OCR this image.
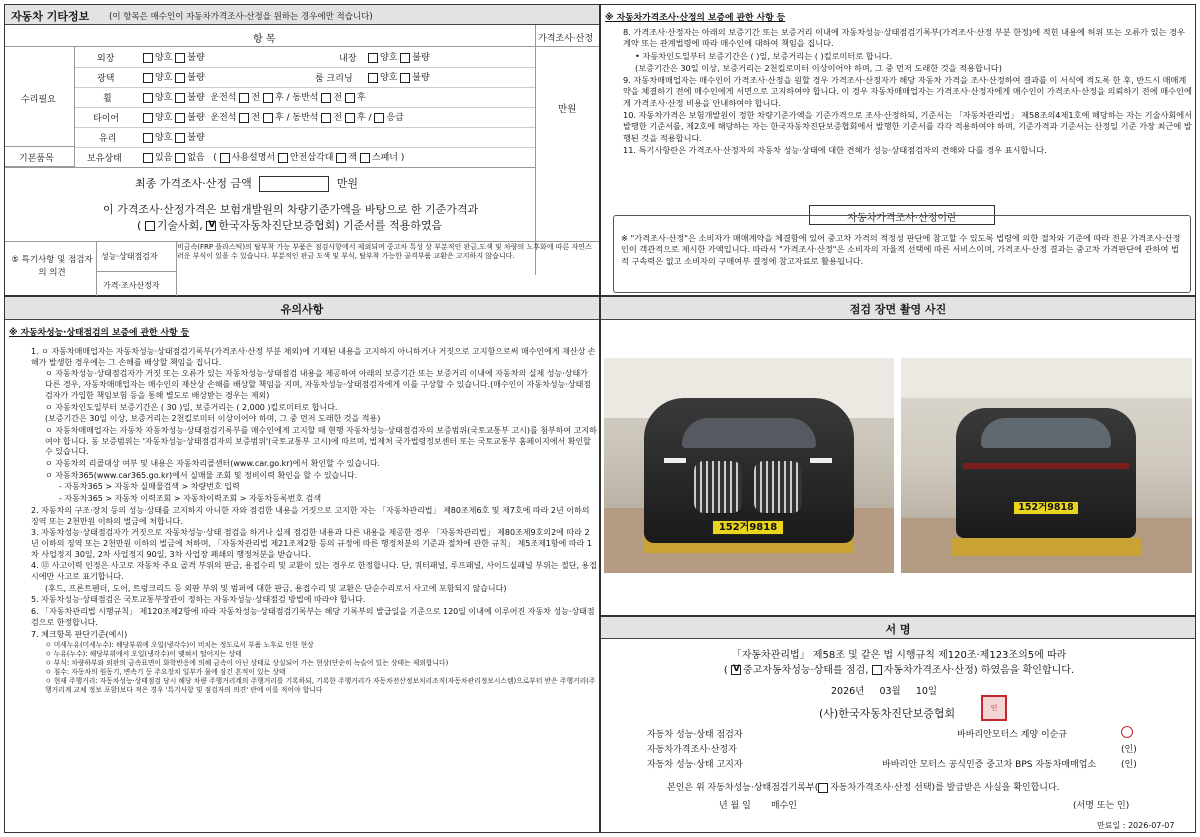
자동차 기타정보 (이 항목은 매수인이 자동차가격조사·산정을 원하는 경우에만 적습니다)
항 목	가격조사·산정
수리필요
기본품목
외장	양호 불량	내장	양호 불량
광택	양호 불량	룸 크리닝	양호 불량
휠	양호 불량 운전석 전 후 / 동반석 전 후
타이어	양호 불량 운전석 전 후 / 동반석 전 후 / 응급
유리	양호 불량
보유상태	있음 없음   ( 사용설명서 안전삼각대 잭 스패너 )
만원
최종 가격조사·산정 금액	만원
이 가격조사·산정가격은 보험개발원의 차량기준가액을 바탕으로 한 기준가격과
( 기술사회, V 한국자동차진단보증협회) 기준서를 적용하였음
⑤ 특기사항 및 점검자의 의견
성능·상태점검자
비금속(FRP 플라스틱)의 탈부착 가능 부품은 점검사항에서 제외되며 중고차 특성 상 부분적인 판금,도색 및 차량의 노후화에 따른 자연스러운 부식이 있을 수 있습니다. 부분적인 판금 도색 및 부식, 탈부착 가능한 골격부품 교환은 고지하지 않습니다.
가격·조사산정자
※ 자동차가격조사·산정의 보증에 관한 사항 등
8. 가격조사·산정자는 아래의 보증기간 또는 보증거리 이내에 자동차성능·상태점검기록부(가격조사·산정 부분 한정)에 적힌 내용에 허위 또는 오류가 있는 경우 계약 또는 관계법령에 따라 매수인에 대하여 책임을 집니다.
• 자동차인도일부터 보증기간은 ( )일, 보증거리는 ( )킬로미터로 합니다.
(보증기간은 30일 이상, 보증거리는 2천킬로미터 이상이어야 하며, 그 중 먼저 도래한 것을 적용합니다)
9. 자동차매매업자는 매수인이 가격조사·산정을 원할 경우 가격조사·산정자가 해당 자동차 가격을 조사·산정하여 결과를 이 서식에 적도록 한 후, 반드시 매매계약을 체결하기 전에 매수인에게 서면으로 고지하여야 합니다. 이 경우 자동차매매업자는 가격조사·산정자에게 매수인이 가격조사·산정을 의뢰하기 전에 매수인에게 가격조사·산정 비용을 안내하여야 합니다.
10. 자동차가격은 보험개발원이 정한 차량기준가액을 기준가격으로 조사·산정하되, 기준서는 「자동차관리법」 제58조의4제1호에 해당하는 자는 기술사회에서 발행한 기준서를, 제2호에 해당하는 자는 한국자동차진단보증협회에서 발행한 기준서를 각각 적용하여야 하며, 기준가격과 기준서는 산정일 기준 가장 최근에 발행된 것을 적용합니다.
11. 특기사항란은 가격조사·산정자의 자동차 성능·상태에 대한 견해가 성능·상태점검자의 견해와 다를 경우 표시합니다.
자동차가격조사·산정이란
※ "가격조사·산정"은 소비자가 매매계약을 체결함에 있어 중고차 가격의 적정성 판단에 참고할 수 있도록 법령에 의한 절차와 기준에 따라 전문 가격조사·산정인이 객관적으로 제시한 가액입니다. 따라서 "가격조사·산정"은 소비자의 자율적 선택에 따른 서비스이며, 가격조사·산정 결과는 중고차 가격판단에 관하여 법적 구속력은 없고 소비자의 구매여부 결정에 참고자료로 활용됩니다.
유의사항
※ 자동차성능·상태점검의 보증에 관한 사항 등
1. ㅇ 자동차매매업자는 자동차성능·상태점검기록부(가격조사·산정 부분 제외)에 기재된 내용을 고지하지 아니하거나 거짓으로 고지함으로써 매수인에게 재산상 손해가 발생한 경우에는 그 손해를 배상할 책임을 집니다.
ㅇ 자동차성능·상태점검자가 거짓 또는 오류가 있는 자동차성능·상태점검 내용을 제공하여 아래의 보증기간 또는 보증거리 이내에 자동차의 실제 성능·상태가 다른 경우, 자동차매매업자는 매수인의 재산상 손해를 배상할 책임을 지며, 자동차성능·상태점검자에게 이를 구상할 수 있습니다.(매수인이 자동차성능·상태점검자가 가입한 책임보험 등을 통해 별도로 배상받는 경우는 제외)
ㅇ 자동차인도일부터 보증기간은 ( 30 )일, 보증거리는 ( 2,000 )킬로미터로 합니다.
(보증기간은 30일 이상, 보증거리는 2천킬로미터 이상이어야 하며, 그 중 먼저 도래한 것을 적용)
ㅇ 자동차매매업자는 자동차 자동차성능·상태점검기록부를 매수인에게 고지할 때 현행 자동차성능·상태점검자의 보증범위(국토교통부 고시)를 첨부하여 고지하여야 합니다. 동 보증범위는 '자동차성능·상태점검자의 보증범위'(국토교통부 고시)에 따르며, 법제처 국가법령정보센터 또는 국토교통부 홈페이지에서 확인할 수 있습니다.
ㅇ 자동차의 리콜대상 여부 및 내용은 자동차리콜센터(www.car.go.kr)에서 확인할 수 있습니다.
ㅇ 자동차365(www.car365.go.kr)에서 실매물 조회 및 정비이력 확인을 할 수 있습니다.
- 자동차365 > 자동차 실매물검색 > 차량번호 입력
- 자동차365 > 자동차 이력조회 > 자동차이력조회 > 자동차등록번호 검색
2. 자동차의 구조·장치 등의 성능·상태를 고지하지 아니한 자와 점검한 내용을 거짓으로 고지한 자는 「자동차관리법」 제80조제6호 및 제7호에 따라 2년 이하의 징역 또는 2천만원 이하의 벌금에 처합니다.
3. 자동차성능·상태점검자가 거짓으로 자동차성능·상태 점검을 하거나 실제 점검한 내용과 다른 내용을 제공한 경우 「자동차관리법」 제80조제9호의2에 따라 2년 이하의 징역 또는 2천만원 이하의 벌금에 처하며, 「자동차관리법 제21조제2항 등의 규정에 따른 행정처분의 기준과 절차에 관한 규칙」 제5조제1항에 따라 1차 사업정지 30일, 2차 사업정지 90일, 3차 사업장 폐쇄의 행정처분을 받습니다.
4. ⑫ 사고이력 인정은 사고로 자동차 주요 골격 부위의 판금, 용접수리 및 교환이 있는 경우로 한정합니다. 단, 쿼터패널, 루프패널, 사이드실패널 부위는 절단, 용접 시에만 사고로 표기합니다.
(후드, 프론트펜더, 도어, 트렁크리드 등 외판 부위 및 범퍼에 대한 판금, 용접수리 및 교환은 단순수리로서 사고에 포함되지 않습니다)
5. 자동차성능·상태점검은 국토교통부장관이 정하는 자동차성능·상태점검 방법에 따라야 합니다.
6. 「자동차관리법 시행규칙」 제120조제2항에 따라 자동차성능·상태점검기록부는 해당 기록부의 발급일을 기준으로 120일 이내에 이루어진 자동차 성능·상태점검으로 한정합니다.
7. 체크항목 판단기준(예시)
ㅇ 미세누유(미세누수): 해당부위에 오일(냉각수)이 비치는 정도로서 부품 노후로 인한 현상
ㅇ 누유(누수): 해당부위에서 오일(냉각수)이 맺혀서 떨어지는 상태
ㅇ 부식: 차량하부와 외판의 금속표면이 화학반응에 의해 금속이 아닌 상태로 상실되어 가는 현상(단순히 녹슬어 있는 상태는 제외합니다)
ㅇ 침수: 자동차의 원동기, 변속기 등 주요장치 일부가 물에 잠긴 흔적이 있는 상태
ㅇ 현재 주행거리: 자동차성능·상태점검 당시 해당 차량 주행거리계의 주행거리를 기록하되, 기록한 주행거리가 자동차전산정보처리조직(자동차관리정보시스템)으로부터 받은 주행거리(주행거리계 교체 정보 포함)보다 적은 경우 '특기사항 및 점검자의 의견' 란에 이를 적어야 합니다
점검 장면 촬영 사진
152거9818
152거9818
서 명
「자동차관리법」 제58조 및 같은 법 시행규칙 제120조·제123조의5에 따라
( V중고자동차성능·상태를 점검, 자동차가격조사·산정) 하였음을 확인합니다.
2026년 03월 10일
(사)한국자동차진단보증협회	인
자동차 성능·상태 점검자	바바리안모터스 계양 이순규
자동차가격조사·산정자	(인)
자동차 성능·상태 고지자	바바리안 모터스 공식인증 중고차 BPS 자동차매매업소	(인)
본인은 위 자동차성능·상태점검기록부( 자동차가격조사·산정 선택)를 발급받은 사실을 확인합니다.
년 월 일 매수인	(서명 또는 인)
만료일 : 2026-07-07
